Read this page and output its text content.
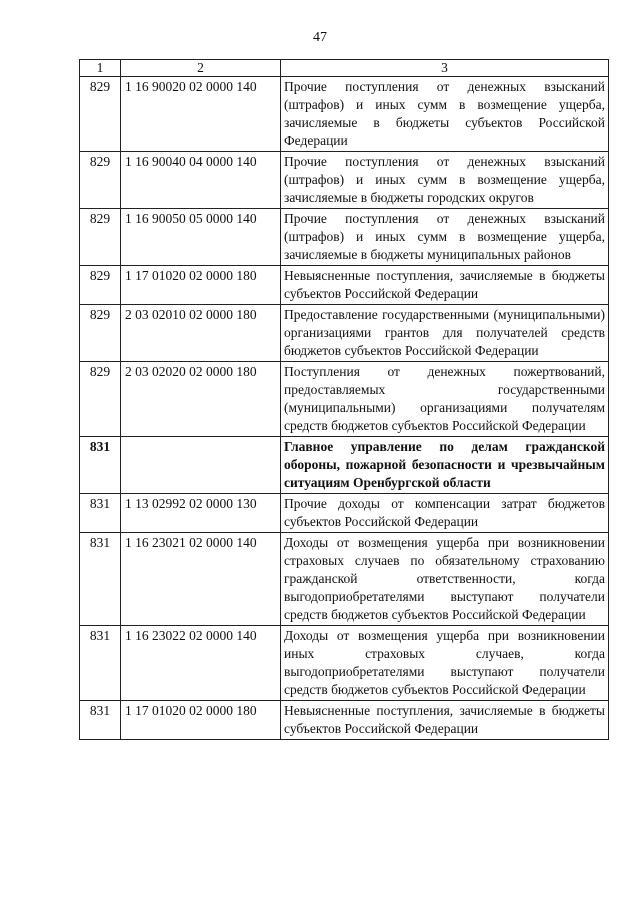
47
1	2	3
829	1 16 90020 02 0000 140	Прочие поступления от денежных взысканий (штрафов) и иных сумм в возмещение ущерба, зачисляемые в бюджеты субъектов Российской Федерации
829	1 16 90040 04 0000 140	Прочие поступления от денежных взысканий (штрафов) и иных сумм в возмещение ущерба, зачисляемые в бюджеты городских округов
829	1 16 90050 05 0000 140	Прочие поступления от денежных взысканий (штрафов) и иных сумм в возмещение ущерба, зачисляемые в бюджеты муниципальных районов
829	1 17 01020 02 0000 180	Невыясненные поступления, зачисляемые в бюджеты субъектов Российской Федерации
829	2 03 02010 02 0000 180	Предоставление государственными (муниципальными) организациями грантов для получателей средств бюджетов субъектов Российской Федерации
829	2 03 02020 02 0000 180	Поступления от денежных пожертвований, предоставляемых государственными (муниципальными) организациями получателям средств бюджетов субъектов Российской Федерации
831		Главное управление по делам гражданской обороны, пожарной безопасности и чрезвычайным ситуациям Оренбургской области
831	1 13 02992 02 0000 130	Прочие доходы от компенсации затрат бюджетов субъектов Российской Федерации
831	1 16 23021 02 0000 140	Доходы от возмещения ущерба при возникновении страховых случаев по обязательному страхованию гражданской ответственности, когда выгодоприобретателями выступают получатели средств бюджетов субъектов Российской Федерации
831	1 16 23022 02 0000 140	Доходы от возмещения ущерба при возникновении иных страховых случаев, когда выгодоприобретателями выступают получатели средств бюджетов субъектов Российской Федерации
831	1 17 01020 02 0000 180	Невыясненные поступления, зачисляемые в бюджеты субъектов Российской Федерации
